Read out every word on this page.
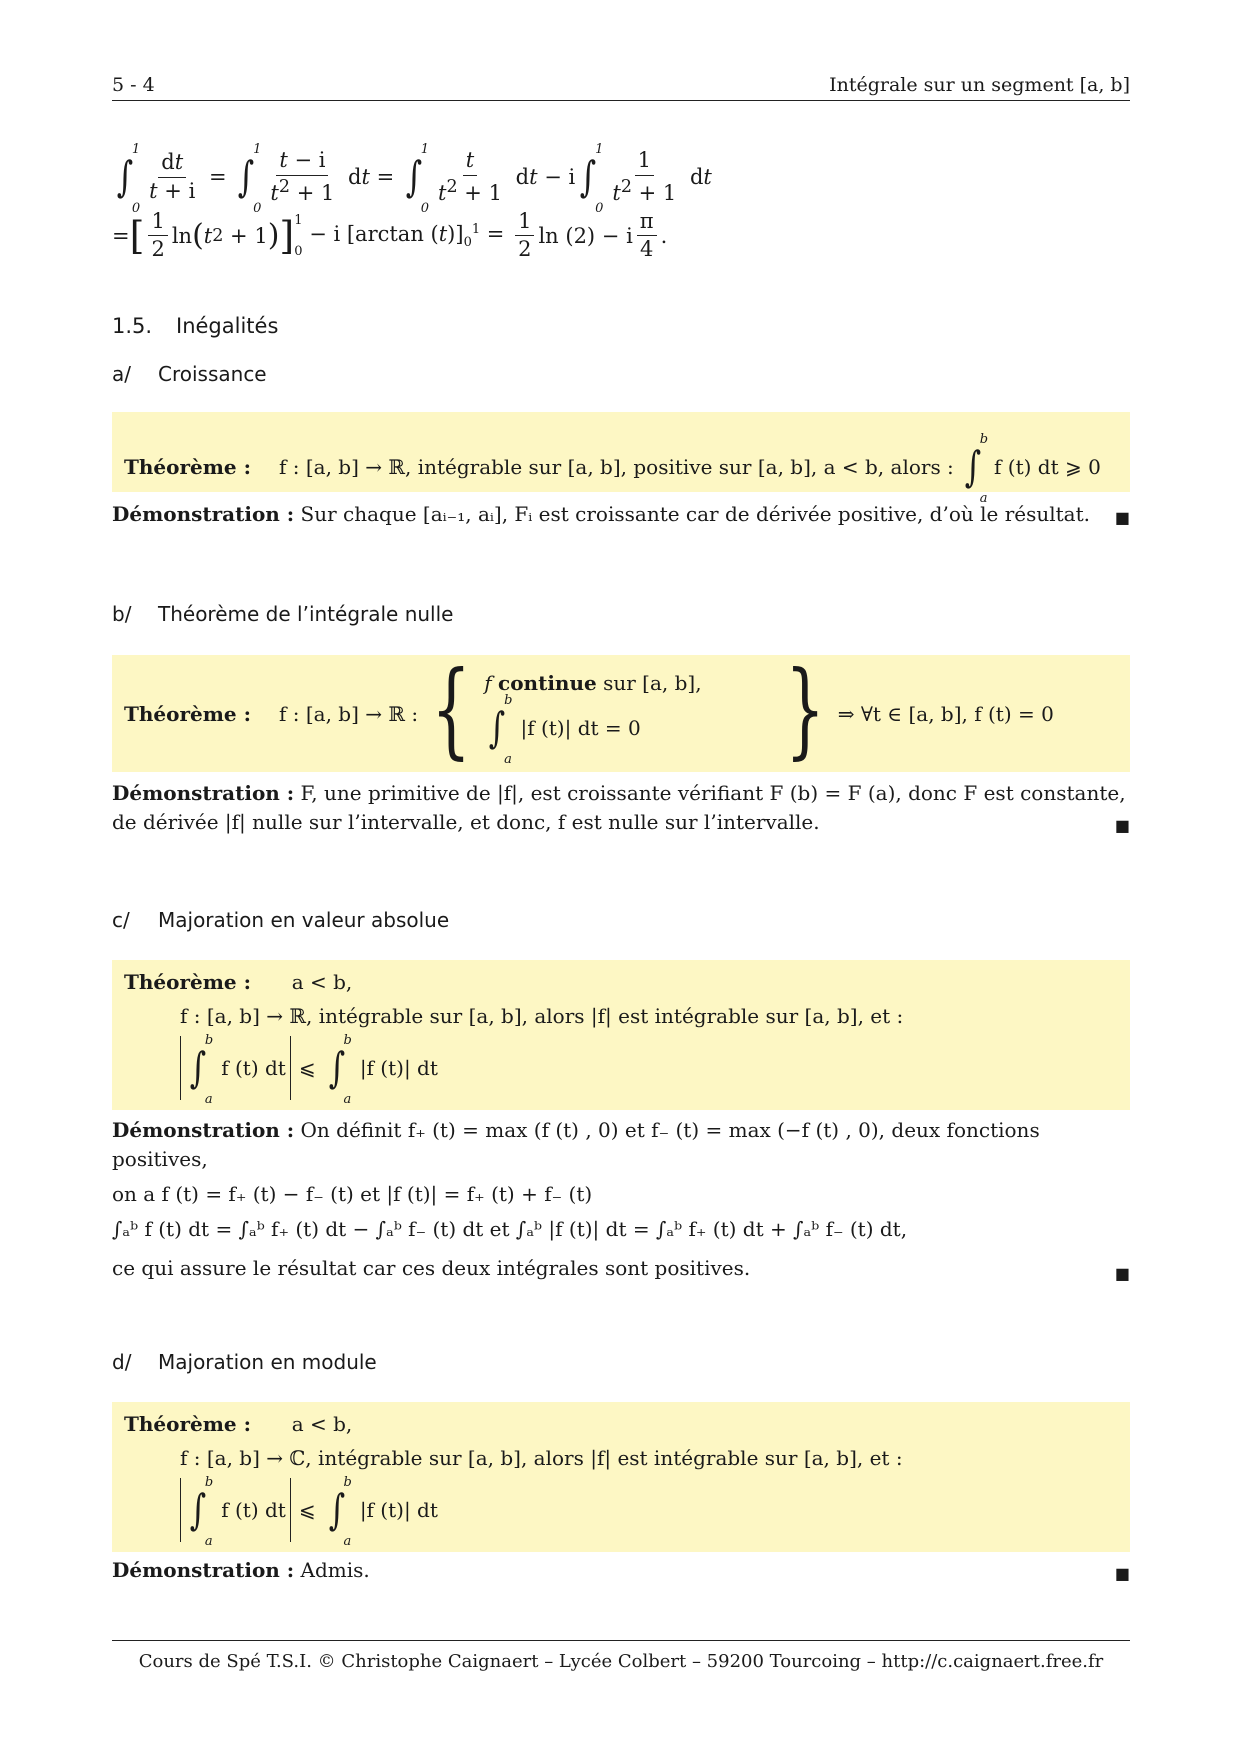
5 - 4	Intégrale sur un segment [a, b]
∫
1
0
$\frac{dt}{t + i}$ = ∫
1
0
$\frac{t - i}{t^2 + 1}$ dt = ∫
1
0
$\frac{t}{t^2 + 1}$ dt − i ∫
1
0
$\frac{1}{t^2 + 1}$ dt
= [ $\frac{1}{2}$ ln ( t 2 + 1 ) ] 1
0
− i [arctan $(t)]_0^1 = \frac{1}{2}$ ln (2) − i $\frac{\pi}{4}$ .
1.5. Inégalités
a/ Croissance
Théorème : f : [a, b] → ℝ, intégrable sur [a, b], positive sur [a, b], a < b, alors : ∫
b
a
f (t) dt ⩾ 0
Démonstration : Sur chaque [aᵢ₋₁, aᵢ], Fᵢ est croissante car de dérivée positive, d’où le résultat.	■
b/ Théorème de l’intégrale nulle
Théorème : f : [a, b] → ℝ : { f continue sur [a, b],
∫
b
a
|f (t)| dt = 0 } ⇒ ∀t ∈ [a, b], f (t) = 0
Démonstration : F, une primitive de |f|, est croissante vérifiant F (b) = F (a), donc F est constante, de dérivée |f| nulle sur l’intervalle, et donc, f est nulle sur l’intervalle.	■
c/ Majoration en valeur absolue
Théorème : a < b,
f : [a, b] → ℝ, intégrable sur [a, b], alors |f| est intégrable sur [a, b], et :
∫
b
a
f (t) dt ⩽ ∫
b
a
|f (t)| dt
Démonstration : On définit f₊ (t) = max (f (t) , 0) et f₋ (t) = max (−f (t) , 0), deux fonctions positives,
on a f (t) = f₊ (t) − f₋ (t) et |f (t)| = f₊ (t) + f₋ (t)
∫ₐᵇ f (t) dt = ∫ₐᵇ f₊ (t) dt − ∫ₐᵇ f₋ (t) dt et ∫ₐᵇ |f (t)| dt = ∫ₐᵇ f₊ (t) dt + ∫ₐᵇ f₋ (t) dt,
ce qui assure le résultat car ces deux intégrales sont positives.	■
d/ Majoration en module
Théorème : a < b,
f : [a, b] → ℂ, intégrable sur [a, b], alors |f| est intégrable sur [a, b], et :
∫
b
a
f (t) dt ⩽ ∫
b
a
|f (t)| dt
Démonstration : Admis.	■
Cours de Spé T.S.I. © Christophe Caignaert – Lycée Colbert – 59200 Tourcoing – http://c.caignaert.free.fr
